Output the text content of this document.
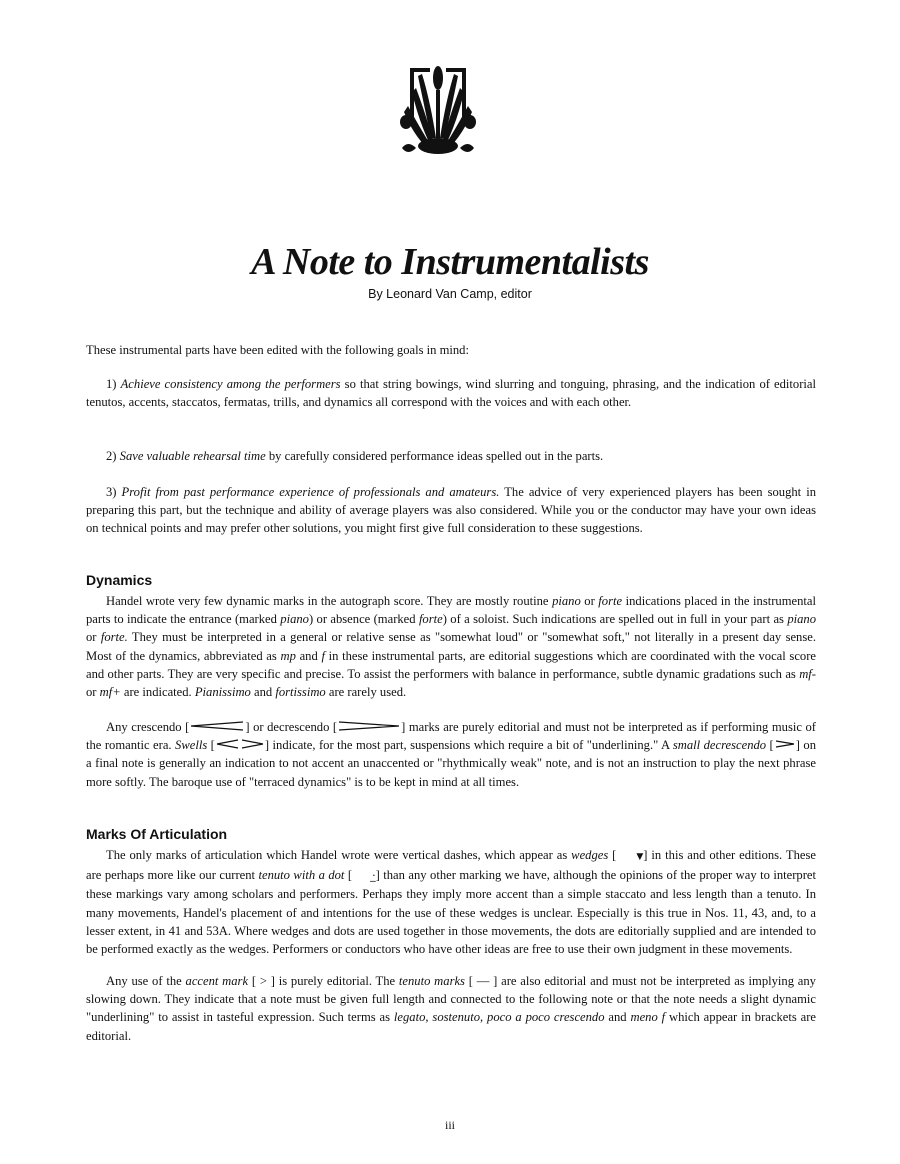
A Note to Instrumentalists

By Leonard Van Camp, editor

These instrumental parts have been edited with the following goals in mind:

1) Achieve consistency among the performers so that string bowings, wind slurring and tonguing, phrasing, and the indication of editorial tenutos, accents, staccatos, fermatas, trills, and dynamics all correspond with the voices and with each other.

2) Save valuable rehearsal time by carefully considered performance ideas spelled out in the parts.

3) Profit from past performance experience of professionals and amateurs. The advice of very experienced players has been sought in preparing this part, but the technique and ability of average players was also considered. While you or the conductor may have your own ideas on technical points and may prefer other solutions, you might first give full consideration to these suggestions.

Dynamics

Handel wrote very few dynamic marks in the autograph score. They are mostly routine piano or forte indications placed in the instrumental parts to indicate the entrance (marked piano) or absence (marked forte) of a soloist. Such indications are spelled out in full in your part as piano or forte. They must be interpreted in a general or relative sense as "somewhat loud" or "somewhat soft," not literally in a present day sense. Most of the dynamics, abbreviated as mp and f in these instrumental parts, are editorial suggestions which are coordinated with the vocal score and other parts. They are very specific and precise. To assist the performers with balance in performance, subtle dynamic gradations such as mf- or mf+ are indicated. Pianissimo and fortissimo are rarely used.

Any crescendo [	] or decrescendo [	] marks are purely editorial and must not be interpreted as if performing music of the romantic era. Swells [	] indicate, for the most part, suspensions which require a bit of "underlining." A small decrescendo [ ] on a final note is generally an indication to not accent an unaccented or "rhythmically weak" note, and is not an instruction to play the next phrase more softly. The baroque use of "terraced dynamics" is to be kept in mind at all times.

Marks Of Articulation

The only marks of articulation which Handel wrote were vertical dashes, which appear as wedges [ ▼] in this and other editions. These are perhaps more like our current tenuto with a dot [ ·̲] than any other marking we have, although the opinions of the proper way to interpret these markings vary among scholars and performers. Perhaps they imply more accent than a simple staccato and less length than a tenuto. In many movements, Handel's placement of and intentions for the use of these wedges is unclear. Especially is this true in Nos. 11, 43, and, to a lesser extent, in 41 and 53A. Where wedges and dots are used together in those movements, the dots are editorially supplied and are intended to be performed exactly as the wedges. Performers or conductors who have other ideas are free to use their own judgment in these movements.

Any use of the accent mark [ > ] is purely editorial. The tenuto marks [ — ] are also editorial and must not be interpreted as implying any slowing down. They indicate that a note must be given full length and connected to the following note or that the note needs a slight dynamic "underlining" to assist in tasteful expression. Such terms as legato, sostenuto, poco a poco crescendo and meno f which appear in brackets are editorial.

iii
